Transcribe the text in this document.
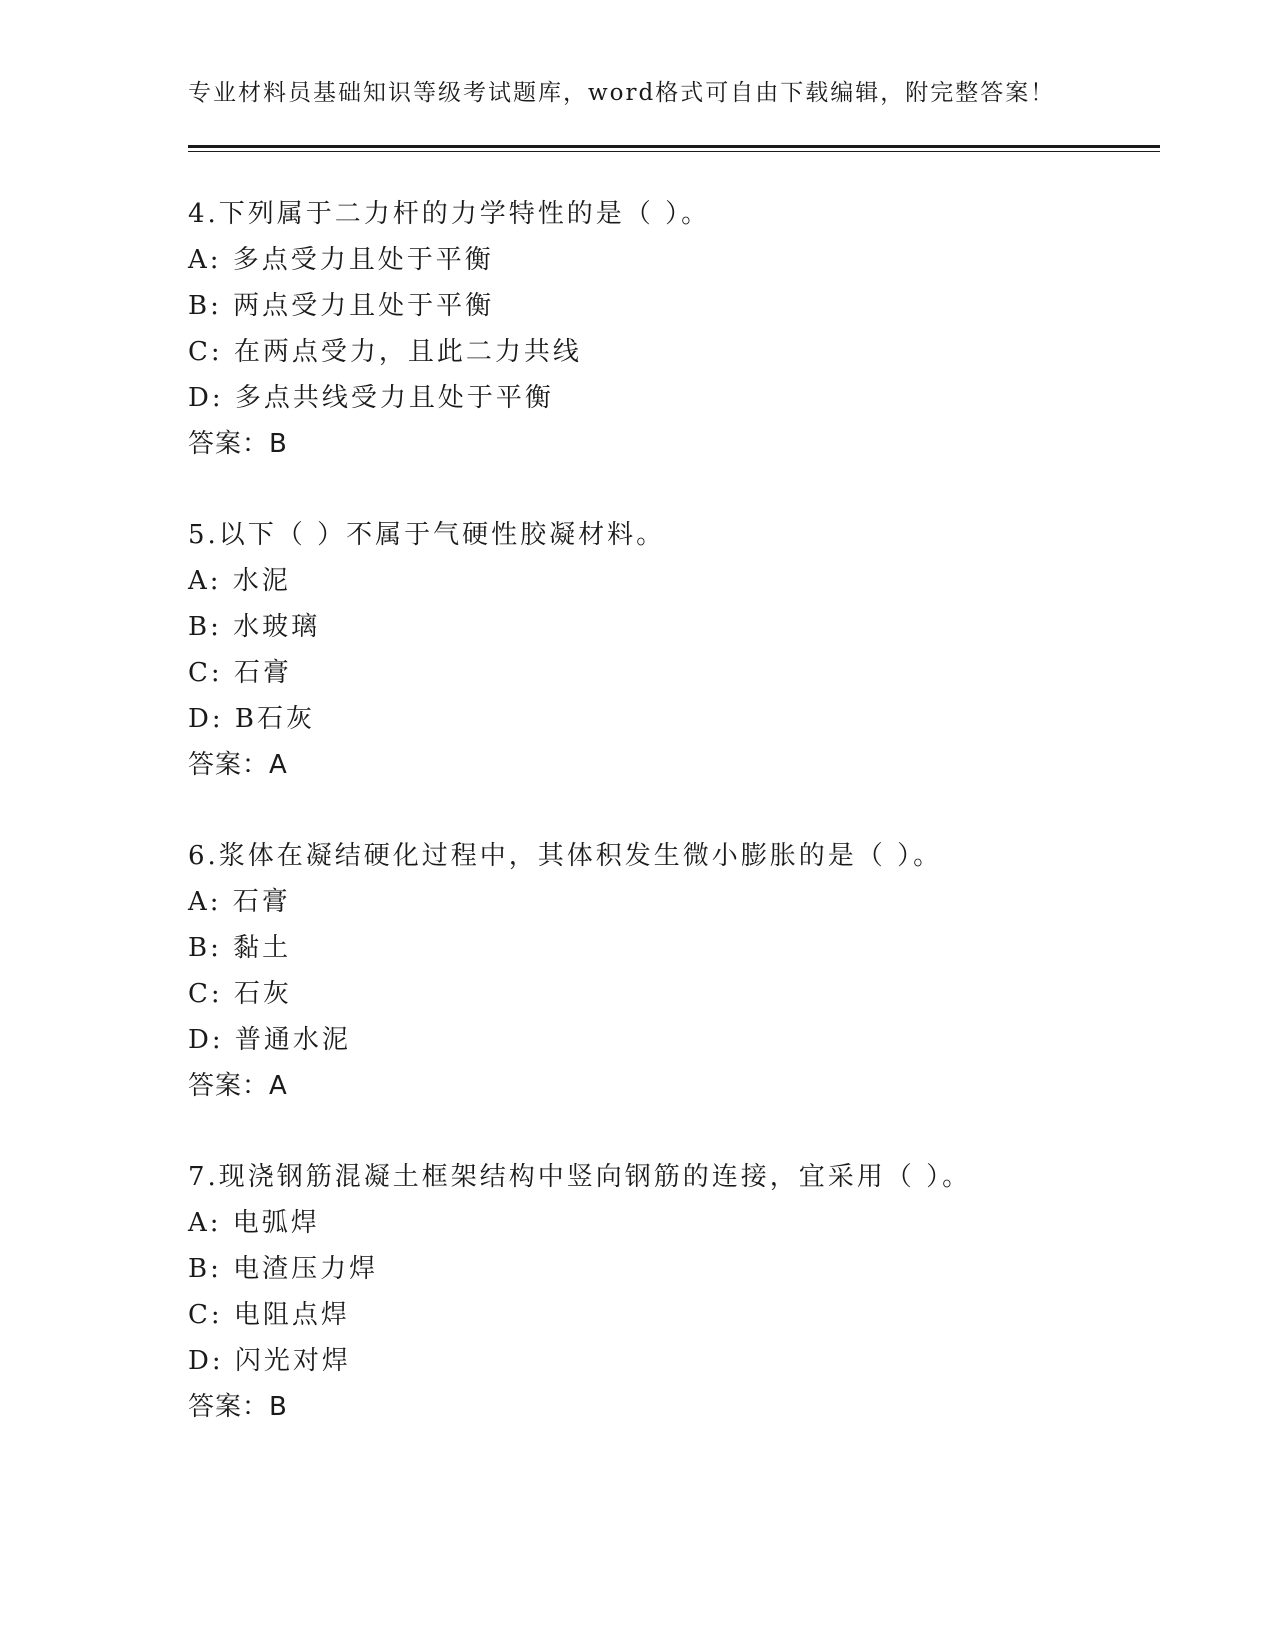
专业材料员基础知识等级考试题库，word格式可自由下载编辑，附完整答案！
4.下列属于二力杆的力学特性的是（ ）。
A: 多点受力且处于平衡
B: 两点受力且处于平衡
C: 在两点受力，且此二力共线
D: 多点共线受力且处于平衡
答案：B
5.以下（ ）不属于气硬性胶凝材料。
A: 水泥
B: 水玻璃
C: 石膏
D: B石灰
答案：A
6.浆体在凝结硬化过程中，其体积发生微小膨胀的是（ ）。
A: 石膏
B: 黏土
C: 石灰
D: 普通水泥
答案：A
7.现浇钢筋混凝土框架结构中竖向钢筋的连接，宜采用（ ）。
A: 电弧焊
B: 电渣压力焊
C: 电阻点焊
D: 闪光对焊
答案：B
